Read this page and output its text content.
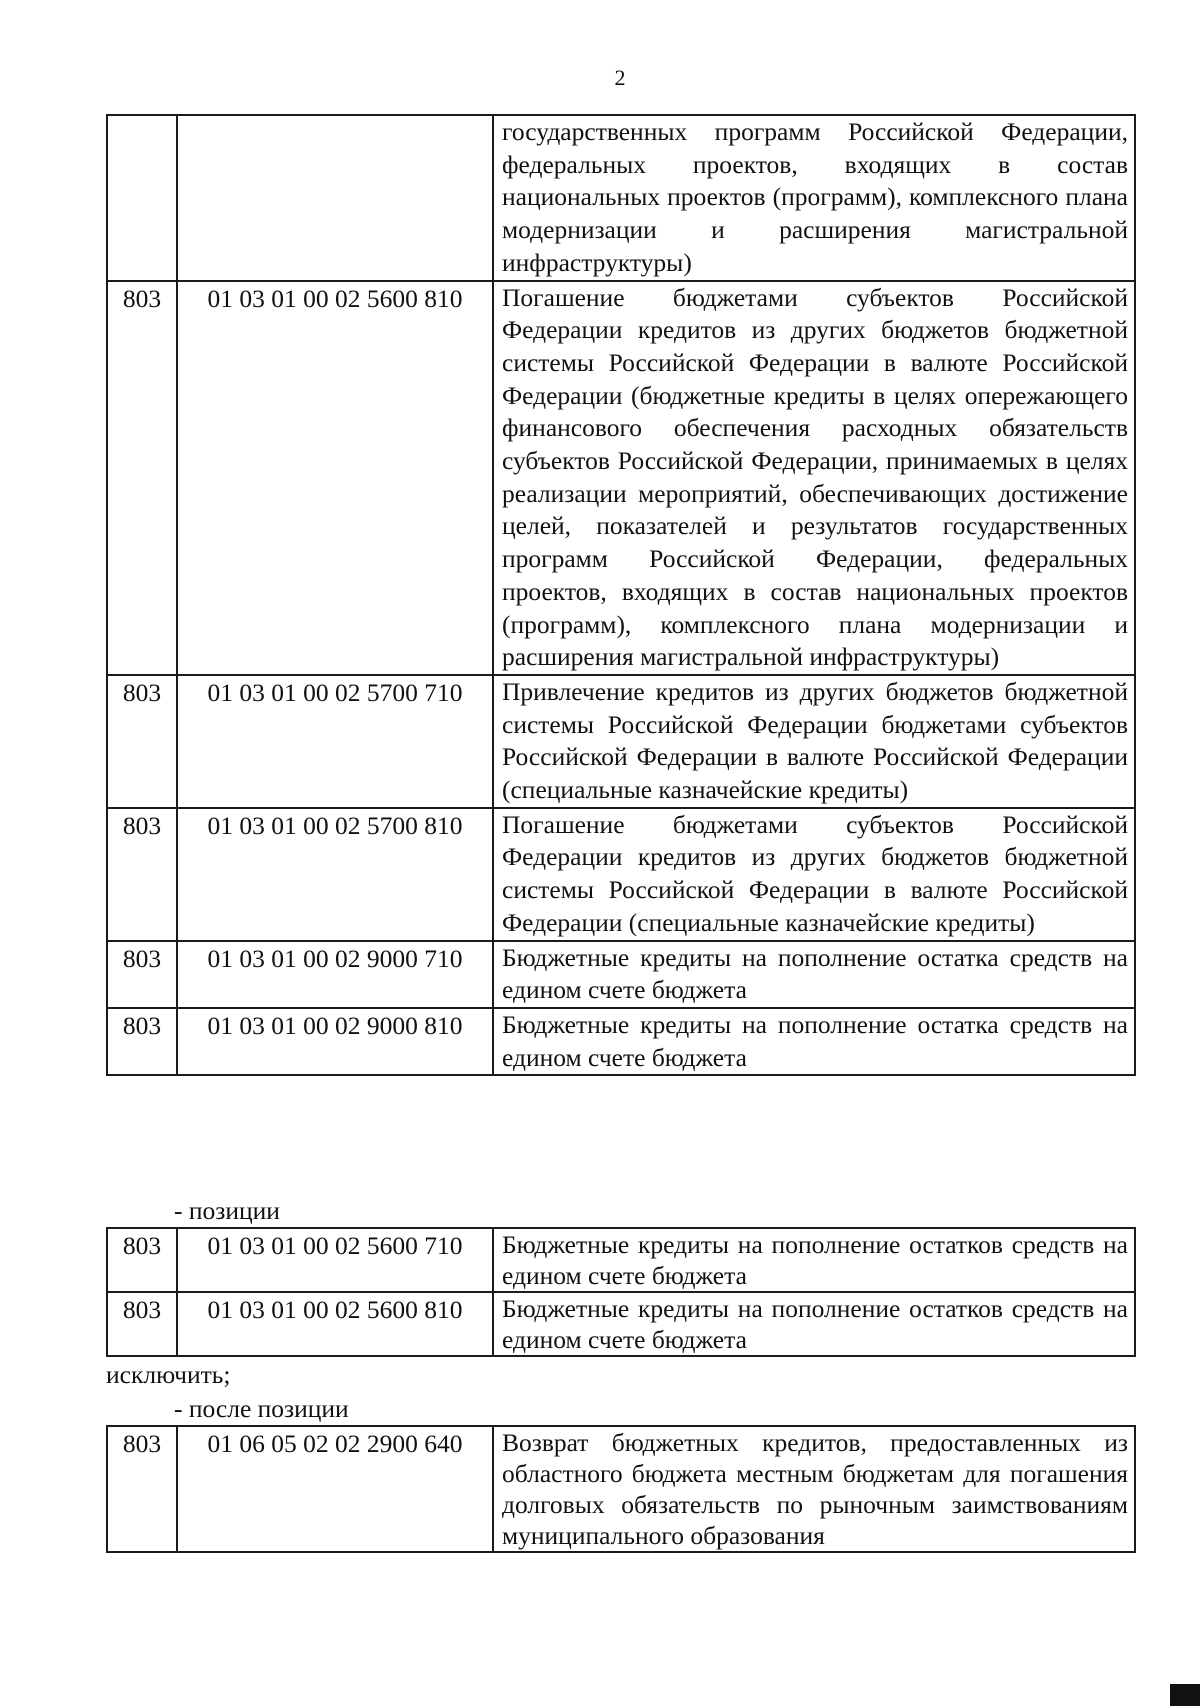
2
		государственных программ Российской Федерации, федеральных проектов, входящих в состав национальных проектов (программ), комплексного плана модернизации и расширения магистральной инфраструктуры)
803	01 03 01 00 02 5600 810	Погашение бюджетами субъектов Российской Федерации кредитов из других бюджетов бюджетной системы Российской Федерации в валюте Российской Федерации (бюджетные кредиты в целях опережающего финансового обеспечения расходных обязательств субъектов Российской Федерации, принимаемых в целях реализации мероприятий, обеспечивающих достижение целей, показателей и результатов государственных программ Российской Федерации, федеральных проектов, входящих в состав национальных проектов (программ), комплексного плана модернизации и расширения магистральной инфраструктуры)
803	01 03 01 00 02 5700 710	Привлечение кредитов из других бюджетов бюджетной системы Российской Федерации бюджетами субъектов Российской Федерации в валюте Российской Федерации (специальные казначейские кредиты)
803	01 03 01 00 02 5700 810	Погашение бюджетами субъектов Российской Федерации кредитов из других бюджетов бюджетной системы Российской Федерации в валюте Российской Федерации (специальные казначейские кредиты)
803	01 03 01 00 02 9000 710	Бюджетные кредиты на пополнение остатка средств на едином счете бюджета
803	01 03 01 00 02 9000 810	Бюджетные кредиты на пополнение остатка средств на едином счете бюджета
- позиции
803	01 03 01 00 02 5600 710	Бюджетные кредиты на пополнение остатков средств на едином счете бюджета
803	01 03 01 00 02 5600 810	Бюджетные кредиты на пополнение остатков средств на едином счете бюджета
исключить;
- после позиции
803	01 06 05 02 02 2900 640	Возврат бюджетных кредитов, предоставленных из областного бюджета местным бюджетам для погашения долговых обязательств по рыночным заимствованиям муниципального образования
